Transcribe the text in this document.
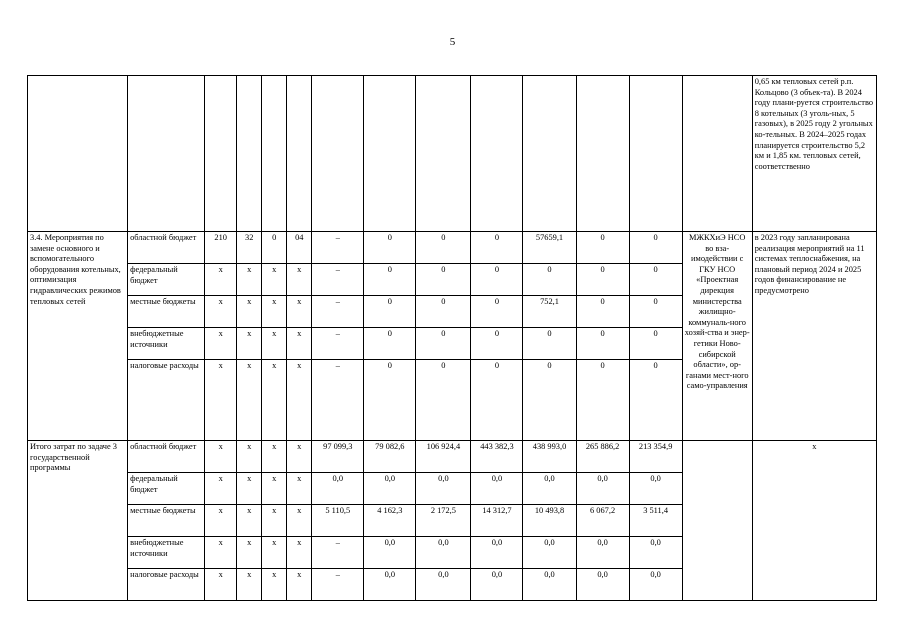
5
														0,65 км тепловых сетей р.п. Кольцово (3 объек-та). В 2024 году плани-руется строительство 8 котельных (3 уголь-ных, 5 газовых), в 2025 году 2 угольных ко-тельных. В 2024–2025 годах планируется строительство 5,2 км и 1,85 км. тепловых сетей, соответственно
3.4. Мероприятия по замене основного и вспомогательного оборудования котельных, оптимизация гидравлических режимов тепловых сетей	областной бюджет	210	32	0	04	–	0	0	0	57659,1	0	0	МЖКХиЭ НСО во вза-имодействии с ГКУ НСО «Проектная дирекция министерства жилищно-коммуналь-ного хозяй-ства и энер-гетики Ново-сибирской области», ор-ганами мест-ного само-управления	в 2023 году запланирована реализация мероприятий на 11 системах теплоснабжения, на плановый период 2024 и 2025 годов финансирование не предусмотрено
	федеральный бюджет	х	х	х	х	–	0	0	0	0	0	0		
	местные бюджеты	х	х	х	х	–	0	0	0	752,1	0	0		
	внебюджетные источники	х	х	х	х	–	0	0	0	0	0	0		
	налоговые расходы	х	х	х	х	–	0	0	0	0	0	0		
Итого затрат по задаче 3 государственной программы	областной бюджет	х	х	х	х	97 099,3	79 082,6	106 924,4	443 382,3	438 993,0	265 886,2	213 354,9		х
	федеральный бюджет	х	х	х	х	0,0	0,0	0,0	0,0	0,0	0,0	0,0		
	местные бюджеты	х	х	х	х	5 110,5	4 162,3	2 172,5	14 312,7	10 493,8	6 067,2	3 511,4		
	внебюджетные источники	х	х	х	х	–	0,0	0,0	0,0	0,0	0,0	0,0		
	налоговые расходы	х	х	х	х	–	0,0	0,0	0,0	0,0	0,0	0,0		
